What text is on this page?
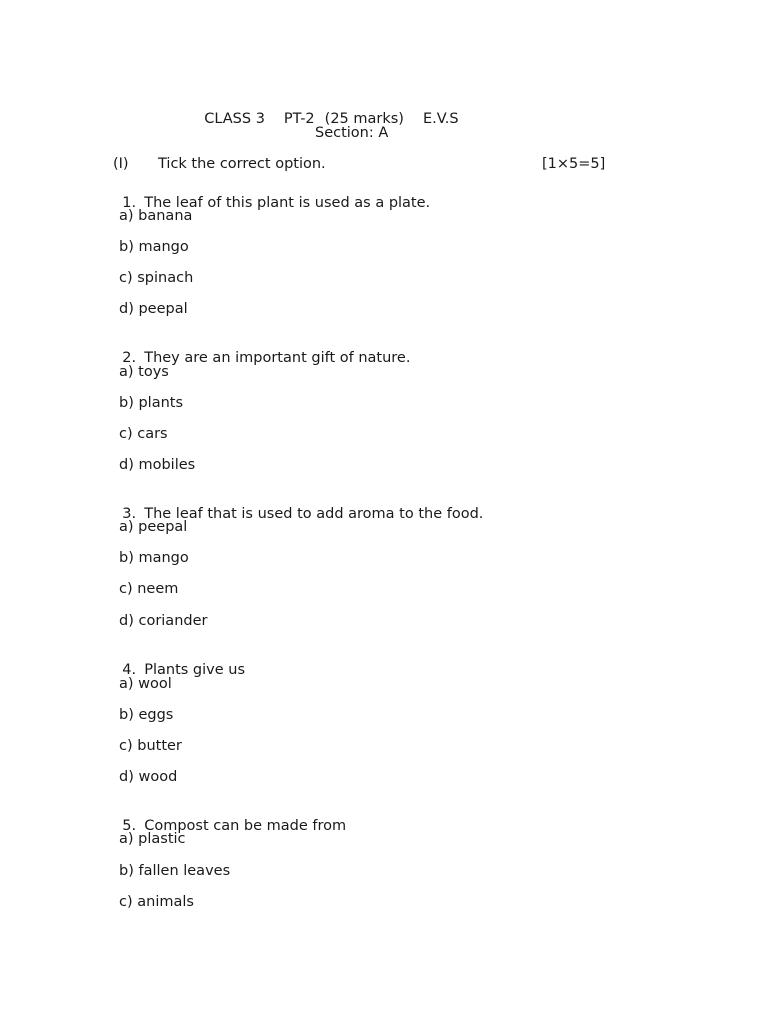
CLASS 3 PT-2 (25 marks) E.V.S

Section: A
(I) Tick the correct option.	[1×5=5]

1. The leaf of this plant is used as a plate.

a) banana
b) mango
c) spinach
d) peepal

2. They are an important gift of nature.

a) toys
b) plants
c) cars
d) mobiles

3. The leaf that is used to add aroma to the food.

a) peepal
b) mango
c) neem
d) coriander

4. Plants give us

a) wool
b) eggs
c) butter
d) wood

5. Compost can be made from

a) plastic
b) fallen leaves
c) animals
